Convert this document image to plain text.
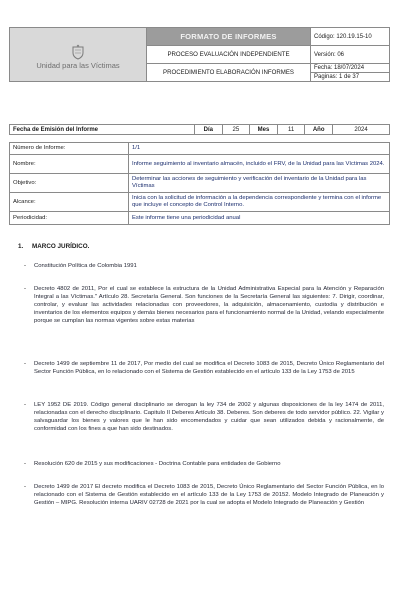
Unidad para las Víctimas	FORMATO DE INFORMES	Código: 120.19.15-10
	PROCESO EVALUACIÓN INDEPENDIENTE	Versión: 06
	PROCEDIMIENTO ELABORACIÓN INFORMES	Fecha: 18/07/2024
		Paginas: 1 de 37
Fecha de Emisión del Informe	Día	25	Mes	11	Año	2024
Número de Informe:	1/1
Nombre:	Informe seguimiento al inventario almacén, incluido el FRV, de la Unidad para las Víctimas 2024.
Objetivo:	Determinar las acciones de seguimiento y verificación del inventario de la Unidad para las Víctimas
Alcance:	Inicia con la solicitud de información a la dependencia correspondiente y termina con el informe que incluye el concepto de Control Interno.
Periodicidad:	Este informe tiene una periodicidad anual
1. MARCO JURÍDICO.
- Constitución Política de Colombia 1991
- Decreto 4802 de 2011, Por el cual se establece la estructura de la Unidad Administrativa Especial para la Atención y Reparación Integral a las Víctimas." Artículo 28. Secretaría General. Son funciones de la Secretaría General las siguientes: 7. Dirigir, coordinar, controlar, y evaluar las actividades relacionadas con proveedores, la adquisición, almacenamiento, custodia y distribución e inventarios de los elementos equipos y demás bienes necesarios para el funcionamiento normal de la Unidad, velando especialmente porque se cumplan las normas vigentes sobre estas materias
- Decreto 1499 de septiembre 11 de 2017, Por medio del cual se modifica el Decreto 1083 de 2015, Decreto Único Reglamentario del Sector Función Pública, en lo relacionado con el Sistema de Gestión establecido en el artículo 133 de la Ley 1753 de 2015
- LEY 1952 DE 2019. Código general disciplinario se derogan la ley 734 de 2002 y algunas disposiciones de la ley 1474 de 2011, relacionadas con el derecho disciplinario. Capitulo II Deberes Artículo 38. Deberes. Son deberes de todo servidor público. 22. Vigilar y salvaguardar los bienes y valores que le han sido encomendados y cuidar que sean utilizados debida y racionalmente, de conformidad con los fines a que han sido destinados.
- Resolución 620 de 2015 y sus modificaciones - Doctrina Contable para entidades de Gobierno
- Decreto 1499 de 2017 El decreto modifica el Decreto 1083 de 2015, Decreto Único Reglamentario del Sector Función Pública, en lo relacionado con el Sistema de Gestión establecido en el artículo 133 de la Ley 1753 de 20152. Modelo Integrado de Planeación y Gestión – MIPG. Resolución interna UARIV 02728 de 2021 por la cual se adopta el Modelo Integrado de Planeación y Gestión
